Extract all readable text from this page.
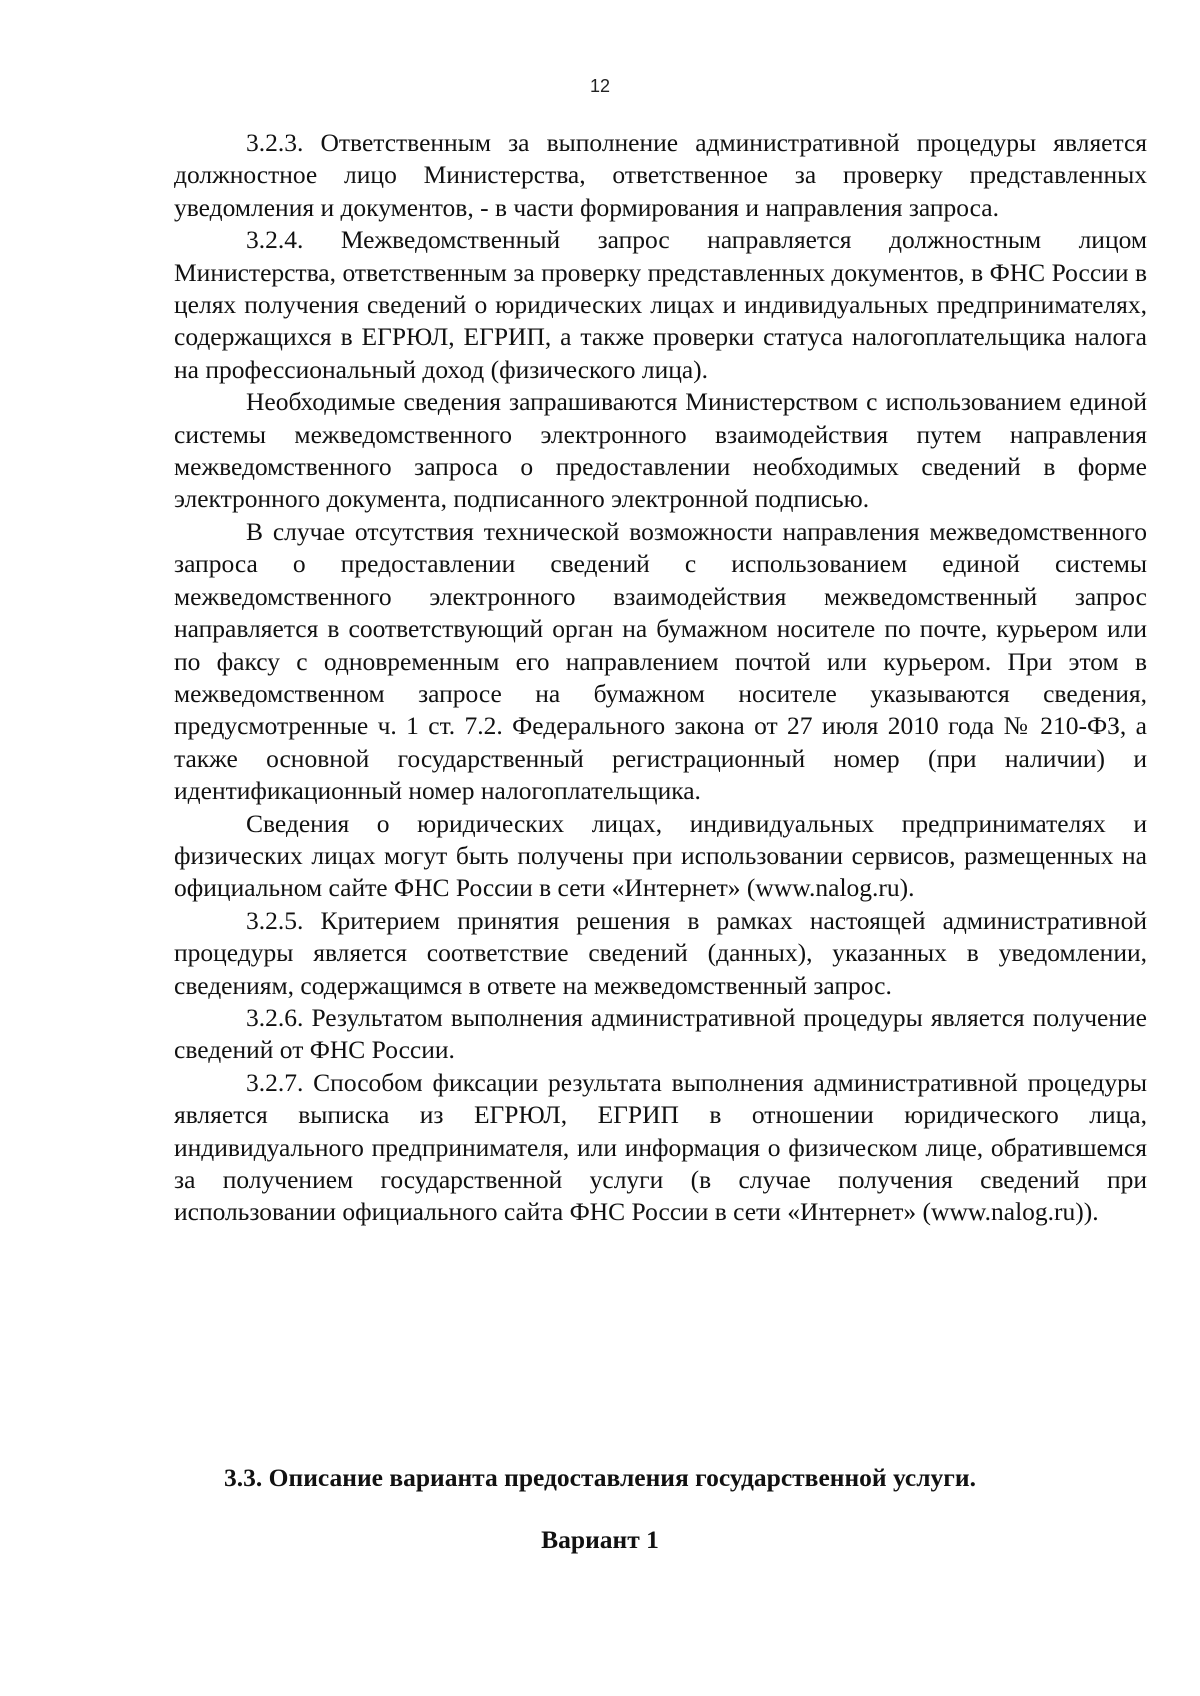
12

3.2.3. Ответственным за выполнение административной процедуры является должностное лицо Министерства, ответственное за проверку представленных уведомления и документов, - в части формирования и направления запроса.

3.2.4. Межведомственный запрос направляется должностным лицом Министерства, ответственным за проверку представленных документов, в ФНС России в целях получения сведений о юридических лицах и индивидуальных предпринимателях, содержащихся в ЕГРЮЛ, ЕГРИП, а также проверки статуса налогоплательщика налога на профессиональный доход (физического лица).

Необходимые сведения запрашиваются Министерством с использованием единой системы межведомственного электронного взаимодействия путем направления межведомственного запроса о предоставлении необходимых сведений в форме электронного документа, подписанного электронной подписью.

В случае отсутствия технической возможности направления межведомственного запроса о предоставлении сведений с использованием единой системы межведомственного электронного взаимодействия межведомственный запрос направляется в соответствующий орган на бумажном носителе по почте, курьером или по факсу с одновременным его направлением почтой или курьером. При этом в межведомственном запросе на бумажном носителе указываются сведения, предусмотренные ч. 1 ст. 7.2. Федерального закона от 27 июля 2010 года № 210-ФЗ, а также основной государственный регистрационный номер (при наличии) и идентификационный номер налогоплательщика.

Сведения о юридических лицах, индивидуальных предпринимателях и физических лицах могут быть получены при использовании сервисов, размещенных на официальном сайте ФНС России в сети «Интернет» (www.nalog.ru).

3.2.5. Критерием принятия решения в рамках настоящей административной процедуры является соответствие сведений (данных), указанных в уведомлении, сведениям, содержащимся в ответе на межведомственный запрос.

3.2.6. Результатом выполнения административной процедуры является получение сведений от ФНС России.

3.2.7. Способом фиксации результата выполнения административной процедуры является выписка из ЕГРЮЛ, ЕГРИП в отношении юридического лица, индивидуального предпринимателя, или информация о физическом лице, обратившемся за получением государственной услуги (в случае получения сведений при использовании официального сайта ФНС России в сети «Интернет» (www.nalog.ru)).

3.3. Описание варианта предоставления государственной услуги.
Вариант 1
